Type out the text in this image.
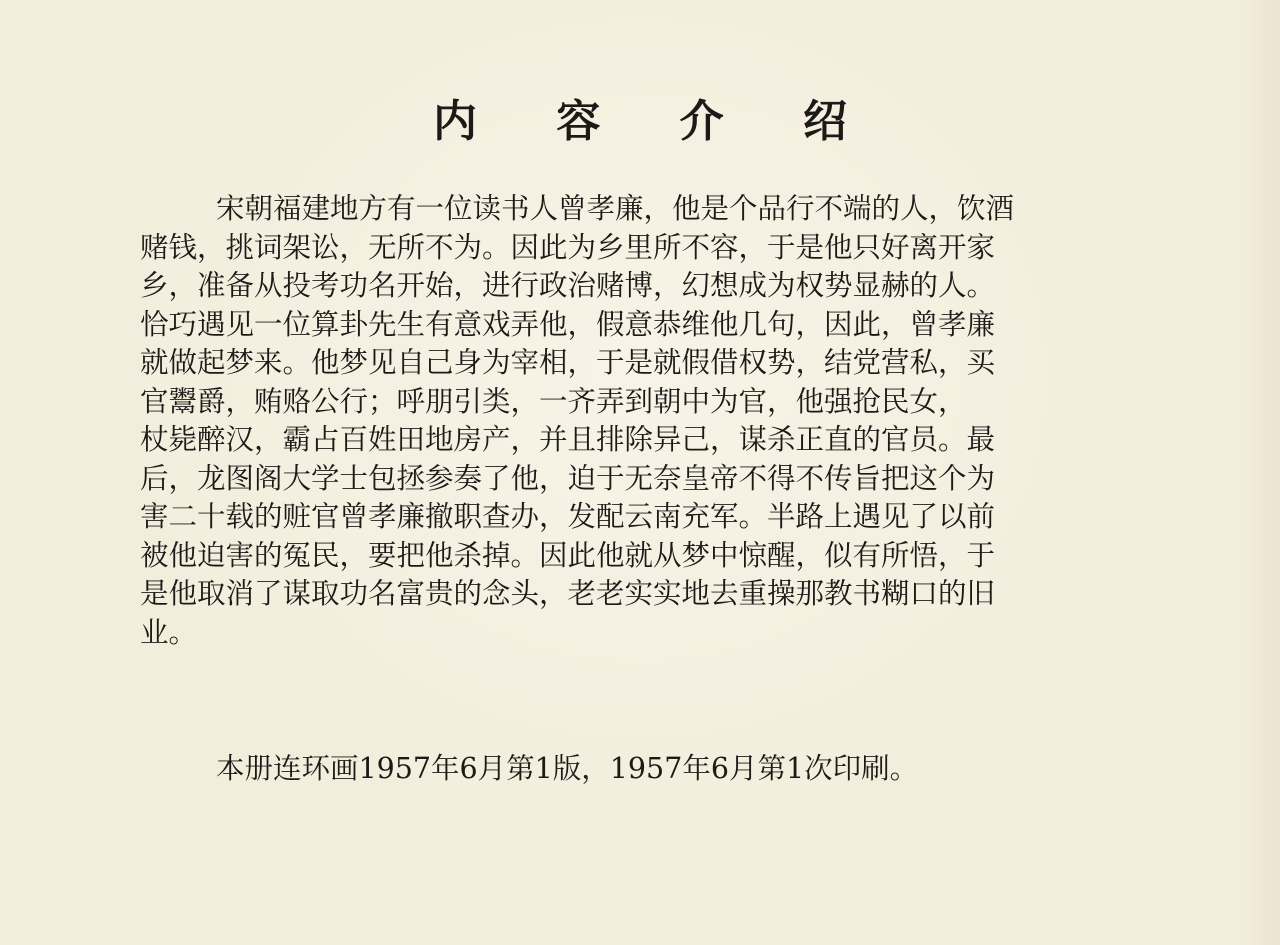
内 容 介 绍
宋朝福建地方有一位读书人曾孝廉，他是个品行不端的人，饮酒
赌钱，挑词架讼，无所不为。因此为乡里所不容，于是他只好离开家
乡，准备从投考功名开始，进行政治赌博，幻想成为权势显赫的人。
恰巧遇见一位算卦先生有意戏弄他，假意恭维他几句，因此，曾孝廉
就做起梦来。他梦见自己身为宰相，于是就假借权势，结党营私，买
官鬻爵，贿赂公行；呼朋引类，一齐弄到朝中为官，他强抢民女，
杖毙醉汉，霸占百姓田地房产，并且排除异己，谋杀正直的官员。最
后，龙图阁大学士包拯参奏了他，迫于无奈皇帝不得不传旨把这个为
害二十载的赃官曾孝廉撤职查办，发配云南充军。半路上遇见了以前
被他迫害的冤民，要把他杀掉。因此他就从梦中惊醒，似有所悟，于
是他取消了谋取功名富贵的念头，老老实实地去重操那教书糊口的旧
业。
本册连环画1957年6月第1版，1957年6月第1次印刷。
